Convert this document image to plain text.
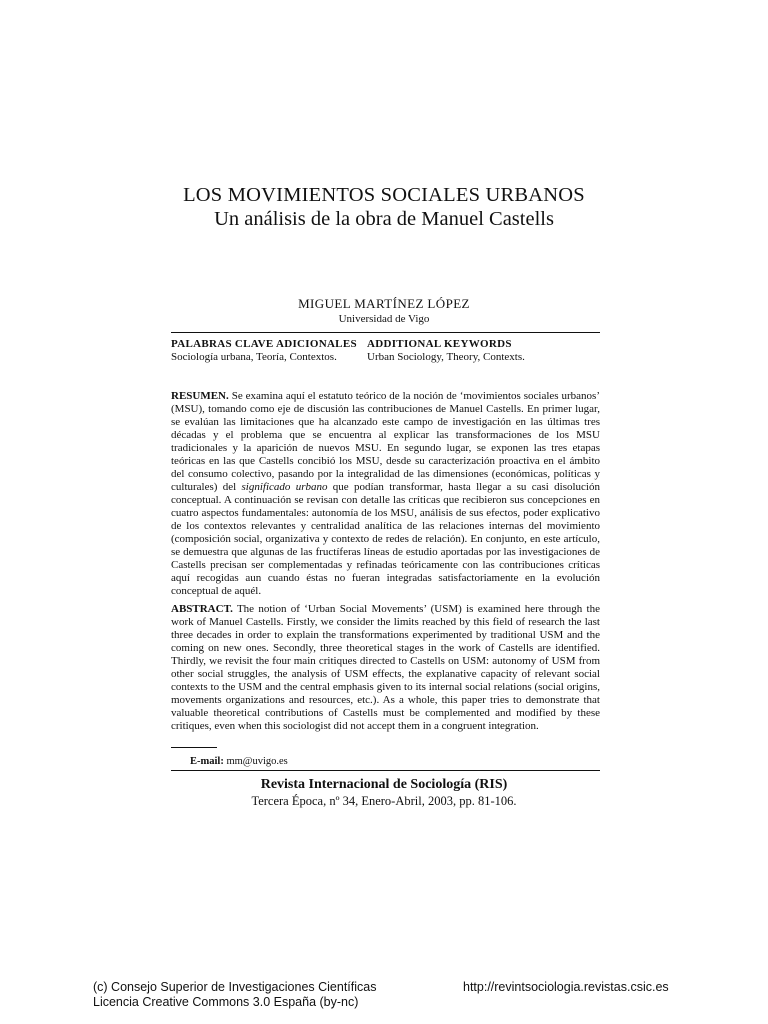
LOS MOVIMIENTOS SOCIALES URBANOS
Un análisis de la obra de Manuel Castells
MIGUEL MARTÍNEZ LÓPEZ
Universidad de Vigo
PALABRAS CLAVE ADICIONALES
Sociología urbana, Teoría, Contextos.
ADDITIONAL KEYWORDS
Urban Sociology, Theory, Contexts.
RESUMEN. Se examina aquí el estatuto teórico de la noción de ‘movimientos sociales urbanos’ (MSU), tomando como eje de discusión las contribuciones de Manuel Castells. En primer lugar, se evalúan las limitaciones que ha alcanzado este campo de investigación en las últimas tres décadas y el problema que se encuentra al explicar las transformaciones de los MSU tradicionales y la aparición de nuevos MSU. En segundo lugar, se exponen las tres etapas teóricas en las que Castells concibió los MSU, desde su caracterización proactiva en el ámbito del consumo colectivo, pasando por la integralidad de las dimensiones (económicas, políticas y culturales) del significado urbano que podían transformar, hasta llegar a su casi disolución conceptual. A continuación se revisan con detalle las críticas que recibieron sus concepciones en cuatro aspectos fundamentales: autonomía de los MSU, análisis de sus efectos, poder explicativo de los contextos relevantes y centralidad analítica de las relaciones internas del movimiento (composición social, organizativa y contexto de redes de relación). En conjunto, en este artículo, se demuestra que algunas de las fructíferas líneas de estudio aportadas por las investigaciones de Castells precisan ser complementadas y refinadas teóricamente con las contribuciones críticas aquí recogidas aun cuando éstas no fueran integradas satisfactoriamente en la evolución conceptual de aquél.
ABSTRACT. The notion of ‘Urban Social Movements’ (USM) is examined here through the work of Manuel Castells. Firstly, we consider the limits reached by this field of research the last three decades in order to explain the transformations experimented by traditional USM and the coming on new ones. Secondly, three theoretical stages in the work of Castells are identified. Thirdly, we revisit the four main critiques directed to Castells on USM: autonomy of USM from other social struggles, the analysis of USM effects, the explanative capacity of relevant social contexts to the USM and the central emphasis given to its internal social relations (social origins, movements organizations and resources, etc.). As a whole, this paper tries to demonstrate that valuable theoretical contributions of Castells must be complemented and modified by these critiques, even when this sociologist did not accept them in a congruent integration.
E-mail: mm@uvigo.es
Revista Internacional de Sociología (RIS)
Tercera Época, nº 34, Enero-Abril, 2003, pp. 81-106.
(c) Consejo Superior de Investigaciones Científicas
Licencia Creative Commons 3.0 España (by-nc)
http://revintsociologia.revistas.csic.es
